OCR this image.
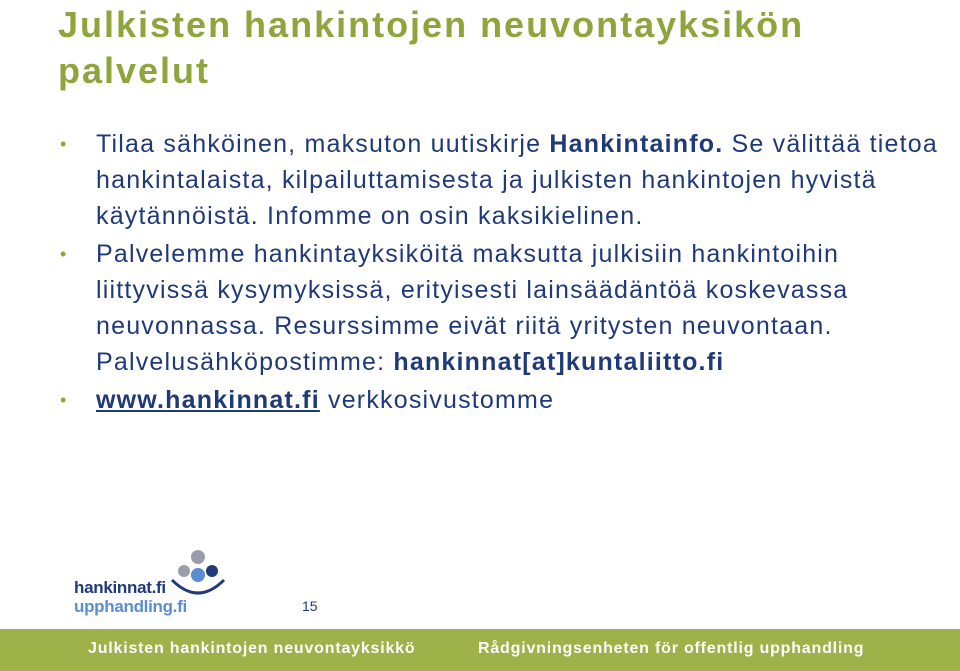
Julkisten hankintojen neuvontayksikön palvelut
• Tilaa sähköinen, maksuton uutiskirje Hankintainfo. Se välittää tietoa hankintalaista, kilpailuttamisesta ja julkisten hankintojen hyvistä käytännöistä. Infomme on osin kaksikielinen.
• Palvelemme hankintayksiköitä maksutta julkisiin hankintoihin liittyvissä kysymyksissä, erityisesti lainsäädäntöä koskevassa neuvonnassa. Resurssimme eivät riitä yritysten neuvontaan. Palvelusähköpostimme: hankinnat[at]kuntaliitto.fi
• www.hankinnat.fi verkkosivustomme
hankinnat.fi
upphandling.fi	15
Julkisten hankintojen neuvontayksikkö	Rådgivningsenheten för offentlig upphandling
